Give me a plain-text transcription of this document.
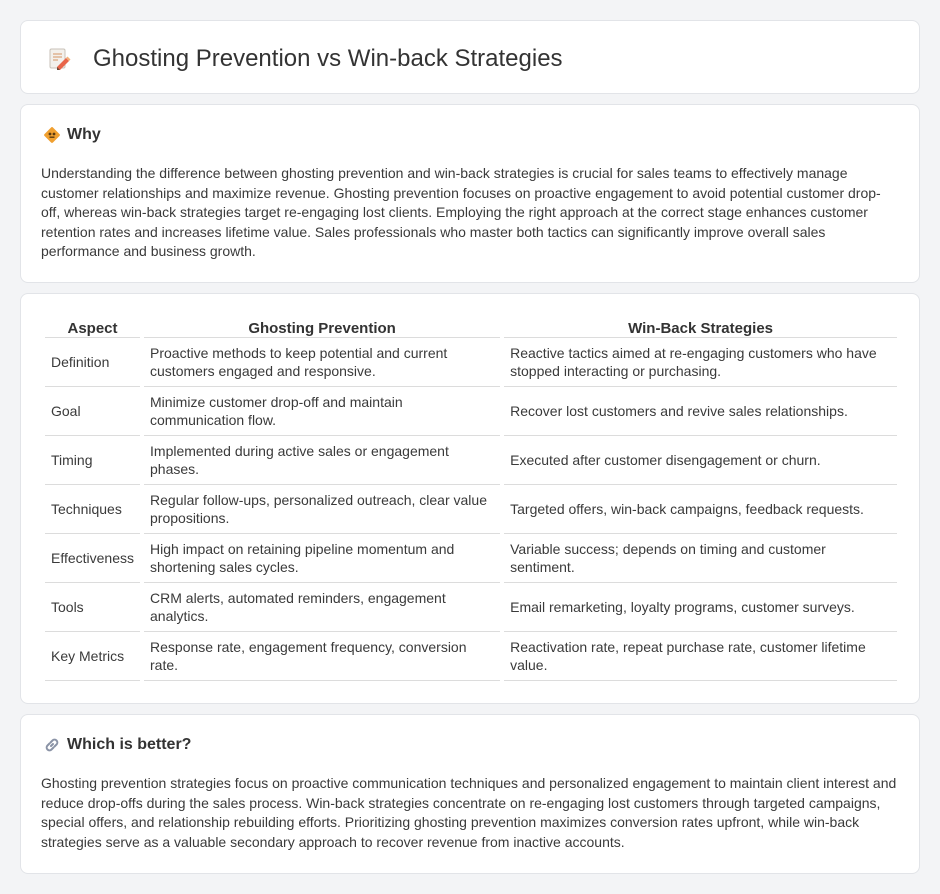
Ghosting Prevention vs Win-back Strategies
Why

Understanding the difference between ghosting prevention and win-back strategies is crucial for sales teams to effectively manage customer relationships and maximize revenue. Ghosting prevention focuses on proactive engagement to avoid potential customer drop-off, whereas win-back strategies target re-engaging lost clients. Employing the right approach at the correct stage enhances customer retention rates and increases lifetime value. Sales professionals who master both tactics can significantly improve overall sales performance and business growth.

Aspect	Ghosting Prevention	Win-Back Strategies
Definition	Proactive methods to keep potential and current customers engaged and responsive.	Reactive tactics aimed at re-engaging customers who have stopped interacting or purchasing.
Goal	Minimize customer drop-off and maintain communication flow.	Recover lost customers and revive sales relationships.
Timing	Implemented during active sales or engagement phases.	Executed after customer disengagement or churn.
Techniques	Regular follow-ups, personalized outreach, clear value propositions.	Targeted offers, win-back campaigns, feedback requests.
Effectiveness	High impact on retaining pipeline momentum and shortening sales cycles.	Variable success; depends on timing and customer sentiment.
Tools	CRM alerts, automated reminders, engagement analytics.	Email remarketing, loyalty programs, customer surveys.
Key Metrics	Response rate, engagement frequency, conversion rate.	Reactivation rate, repeat purchase rate, customer lifetime value.
Which is better?

Ghosting prevention strategies focus on proactive communication techniques and personalized engagement to maintain client interest and reduce drop-offs during the sales process. Win-back strategies concentrate on re-engaging lost customers through targeted campaigns, special offers, and relationship rebuilding efforts. Prioritizing ghosting prevention maximizes conversion rates upfront, while win-back strategies serve as a valuable secondary approach to recover revenue from inactive accounts.
